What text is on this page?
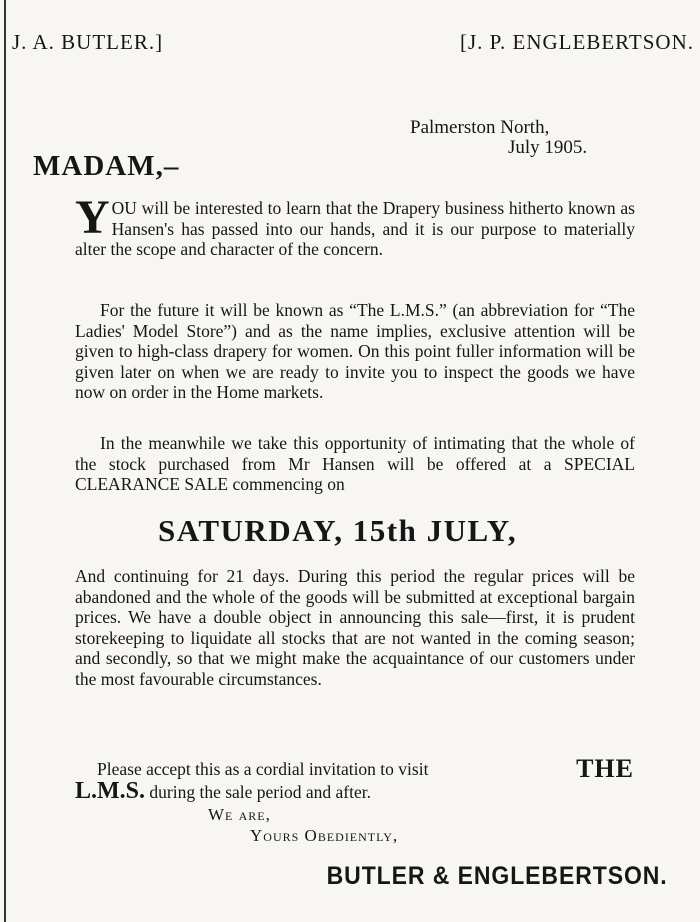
J. A. BUTLER.]	[J. P. ENGLEBERTSON.
Palmerston North,
July 1905.
MADAM,–

YOU will be interested to learn that the Drapery business hitherto known as Hansen's has passed into our hands, and it is our purpose to materially alter the scope and character of the concern.

For the future it will be known as “The L.M.S.” (an abbreviation for “The Ladies' Model Store”) and as the name implies, exclusive attention will be given to high-class drapery for women. On this point fuller information will be given later on when we are ready to invite you to inspect the goods we have now on order in the Home markets.

In the meanwhile we take this opportunity of intimating that the whole of the stock purchased from Mr Hansen will be offered at a SPECIAL CLEARANCE SALE commencing on

SATURDAY, 15th JULY,

And continuing for 21 days. During this period the regular prices will be abandoned and the whole of the goods will be submitted at exceptional bargain prices. We have a double object in announcing this sale—first, it is prudent storekeeping to liquidate all stocks that are not wanted in the coming season; and secondly, so that we might make the acquaintance of our customers under the most favourable circumstances.

THE
Please accept this as a cordial invitation to visit
L.M.S. during the sale period and after.
We are,
Yours Obediently,
BUTLER & ENGLEBERTSON.
